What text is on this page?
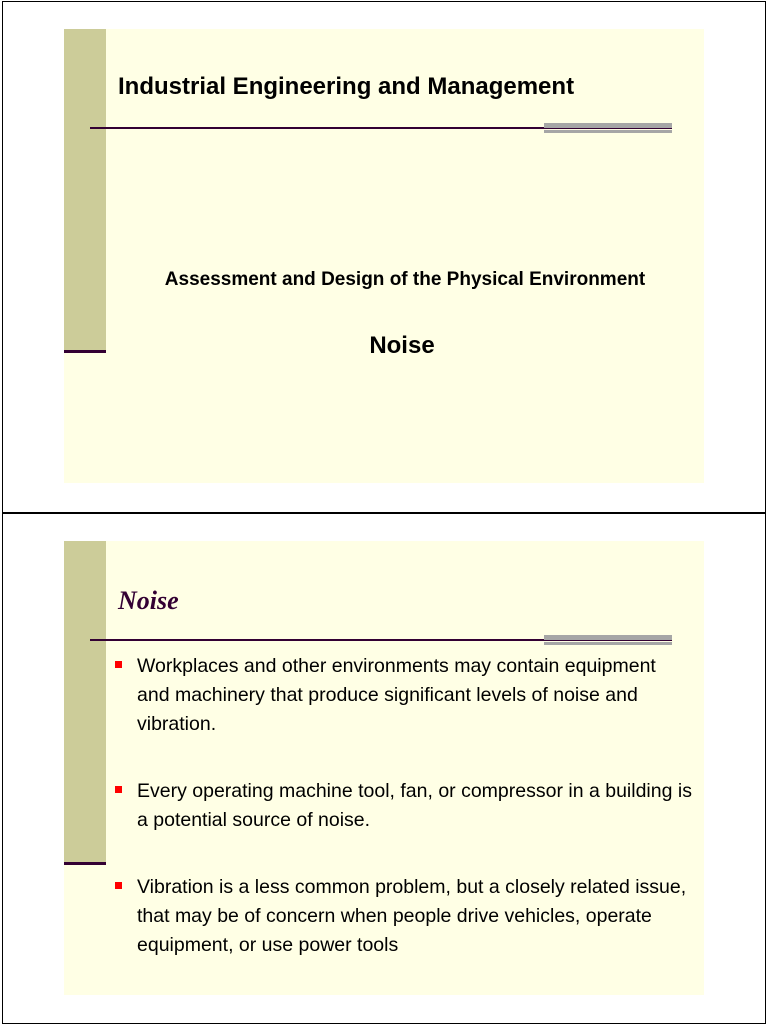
Industrial Engineering and Management
Assessment and Design of the Physical Environment
Noise
Noise
Workplaces and other environments may contain equipment and machinery that produce significant levels of noise and vibration.
Every operating machine tool, fan, or compressor in a building is a potential source of noise.
Vibration is a less common problem, but a closely related issue, that may be of concern when people drive vehicles, operate equipment, or use power tools
